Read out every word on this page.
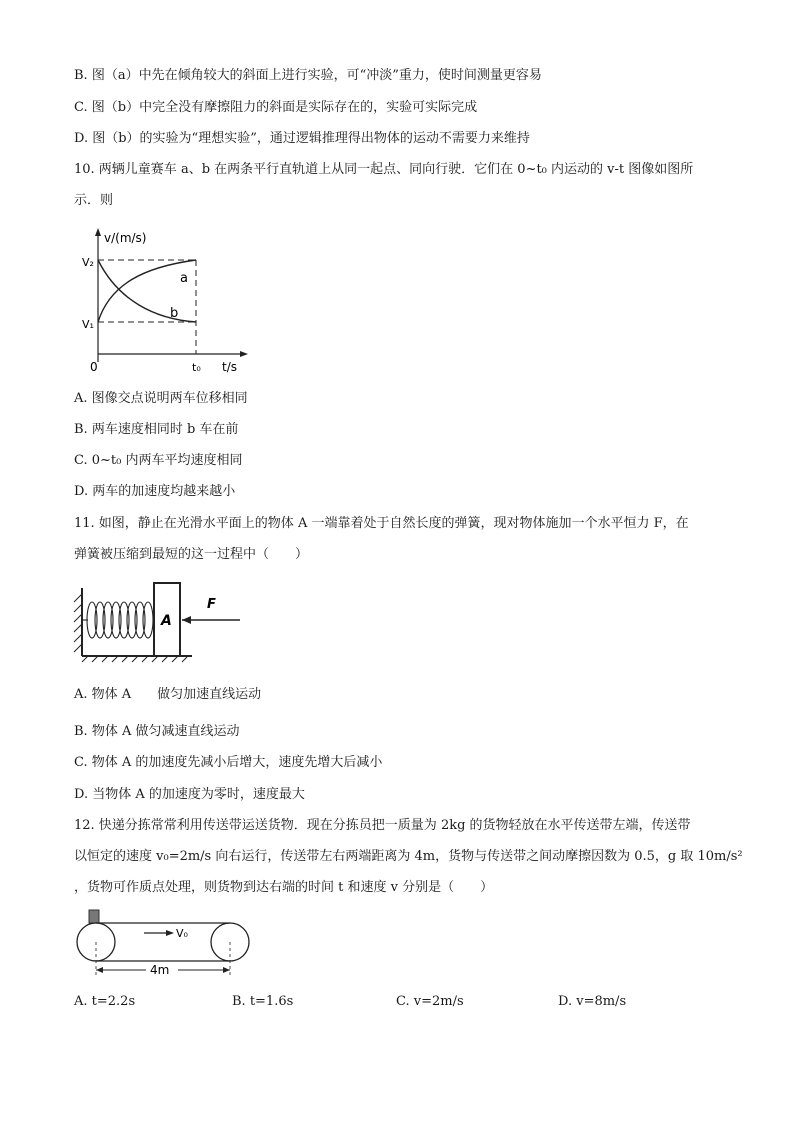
B. 图（a）中先在倾角较大的斜面上进行实验，可“冲淡”重力，使时间测量更容易
C. 图（b）中完全没有摩擦阻力的斜面是实际存在的，实验可实际完成
D. 图（b）的实验为“理想实验”，通过逻辑推理得出物体的运动不需要力来维持
10. 两辆儿童赛车 a、b 在两条平行直轨道上从同一起点、同向行驶．它们在 0~t₀ 内运动的 v-t 图像如图所
示．则
v/(m/s)
V₂
V₁
0	t₀ t/s
a
b
A. 图像交点说明两车位移相同
B. 两车速度相同时 b 车在前
C. 0~t₀ 内两车平均速度相同
D. 两车的加速度均越来越小
11. 如图，静止在光滑水平面上的物体 A 一端靠着处于自然长度的弹簧，现对物体施加一个水平恒力 F，在
弹簧被压缩到最短的这一过程中（　　）
A
F
A. 物体 A　　做匀加速直线运动
B. 物体 A 做匀减速直线运动
C. 物体 A 的加速度先减小后增大，速度先增大后减小
D. 当物体 A 的加速度为零时，速度最大
12. 快递分拣常常利用传送带运送货物．现在分拣员把一质量为 2kg 的货物轻放在水平传送带左端，传送带
以恒定的速度 v₀=2m/s 向右运行，传送带左右两端距离为 4m，货物与传送带之间动摩擦因数为 0.5，g 取 10m/s²
，货物可作质点处理，则货物到达右端的时间 t 和速度 v 分别是（　　）
V₀
4m
A. t=2.2s	B. t=1.6s	C. v=2m/s	D. v=8m/s
